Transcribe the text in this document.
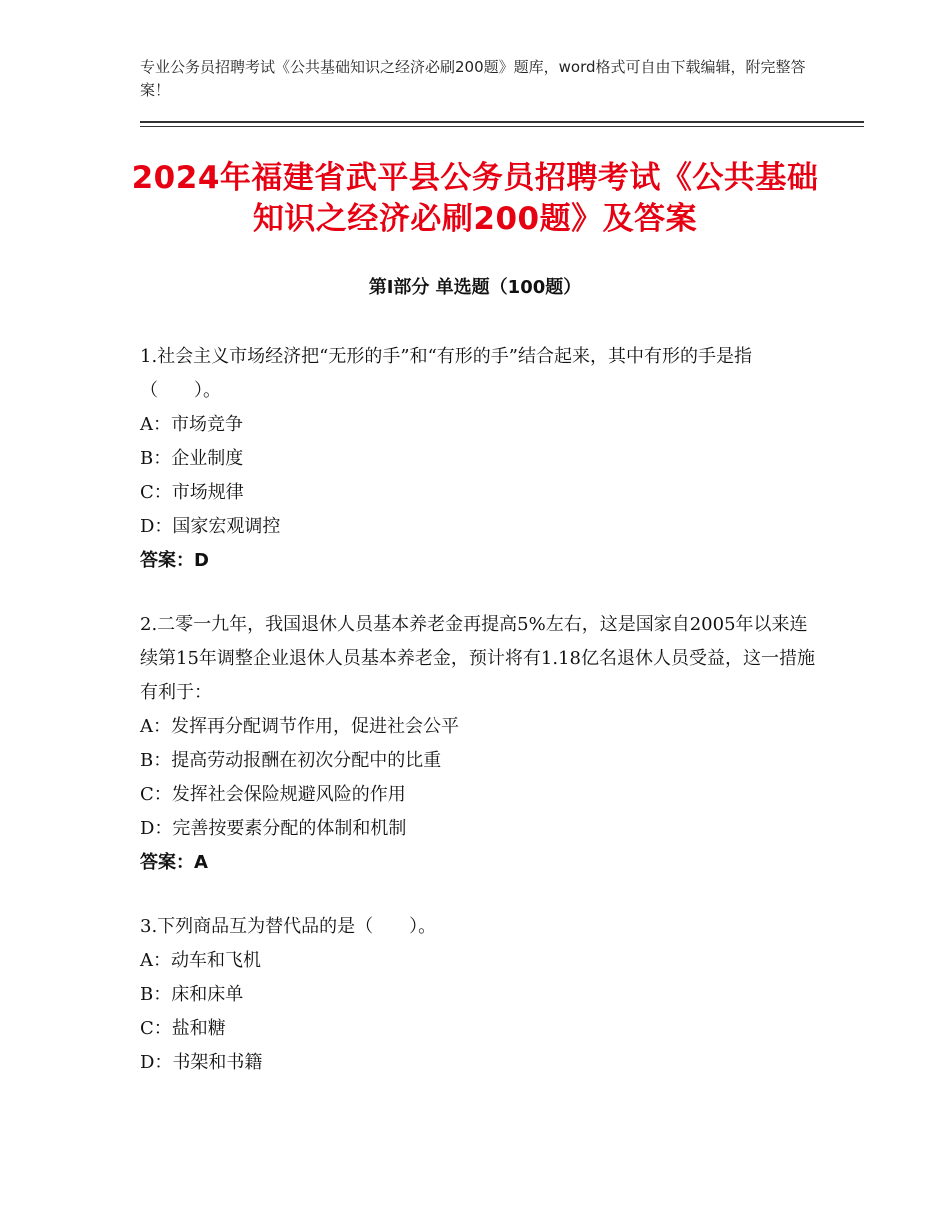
专业公务员招聘考试《公共基础知识之经济必刷200题》题库，word格式可自由下载编辑，附完整答案！
2024年福建省武平县公务员招聘考试《公共基础知识之经济必刷200题》及答案
第Ⅰ部分 单选题（100题）

1.社会主义市场经济把“无形的手”和“有形的手”结合起来，其中有形的手是指（　　）。

A：市场竞争

B：企业制度

C：市场规律

D：国家宏观调控

答案：D

2.二零一九年，我国退休人员基本养老金再提高5%左右，这是国家自2005年以来连续第15年调整企业退休人员基本养老金，预计将有1.18亿名退休人员受益，这一措施有利于：

A：发挥再分配调节作用，促进社会公平

B：提高劳动报酬在初次分配中的比重

C：发挥社会保险规避风险的作用

D：完善按要素分配的体制和机制

答案：A

3.下列商品互为替代品的是（　　）。

A：动车和飞机

B：床和床单

C：盐和糖

D：书架和书籍
